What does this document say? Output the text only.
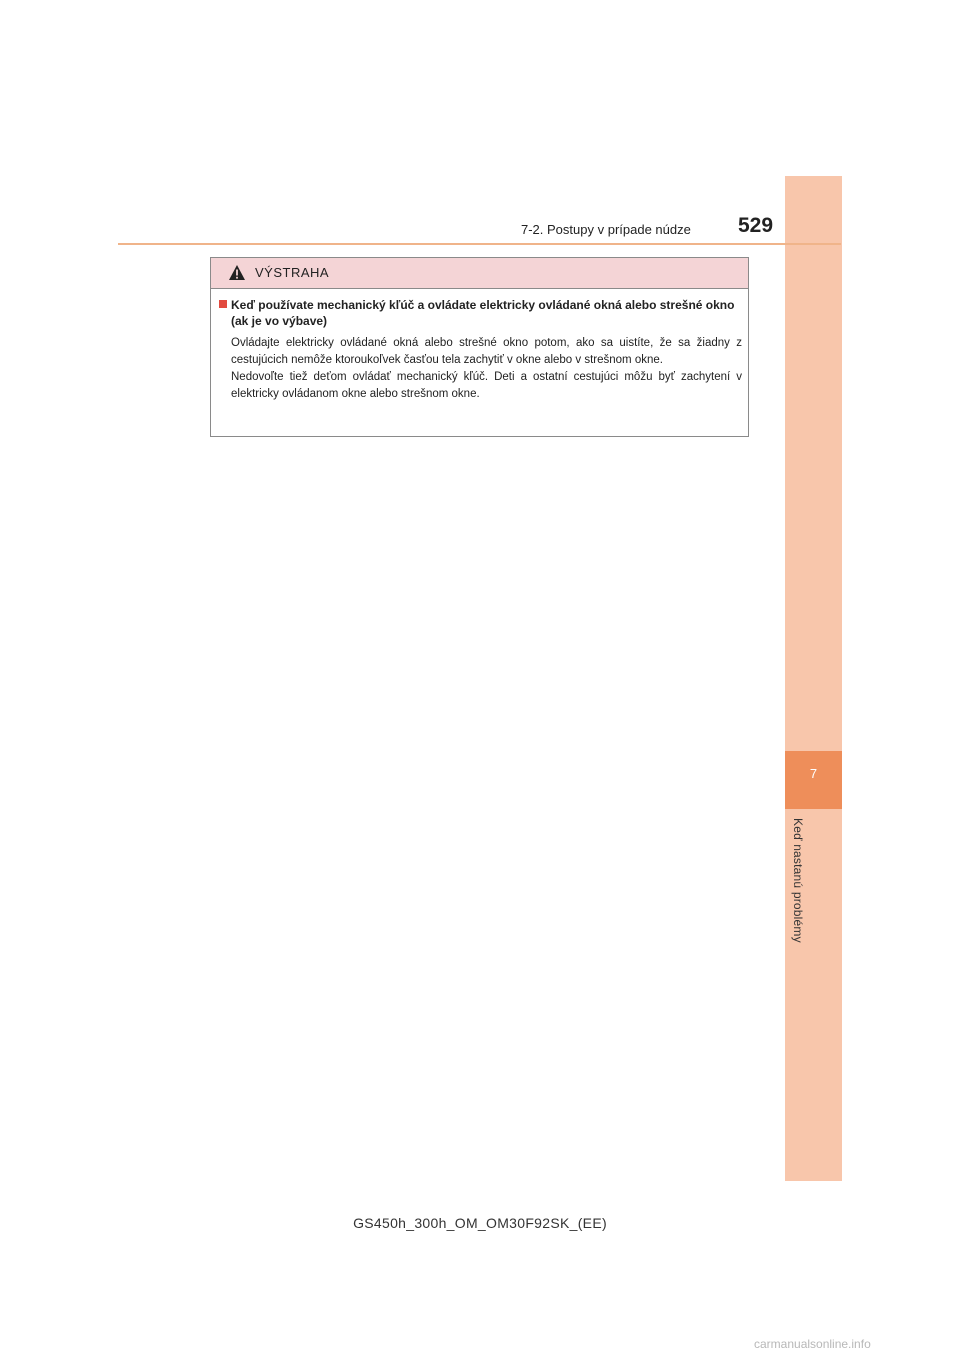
7
Keď nastanú problémy
7-2. Postupy v prípade núdze 529
VÝSTRAHA
Keď používate mechanický kľúč a ovládate elektricky ovládané okná alebo strešné okno (ak je vo výbave)

Ovládajte elektricky ovládané okná alebo strešné okno potom, ako sa uistíte, že sa žiadny z cestujúcich nemôže ktoroukoľvek časťou tela zachytiť v okne alebo v strešnom okne.

Nedovoľte tiež deťom ovládať mechanický kľúč. Deti a ostatní cestujúci môžu byť zachytení v elektricky ovládanom okne alebo strešnom okne.

GS450h_300h_OM_OM30F92SK_(EE)
carmanualsonline.info
